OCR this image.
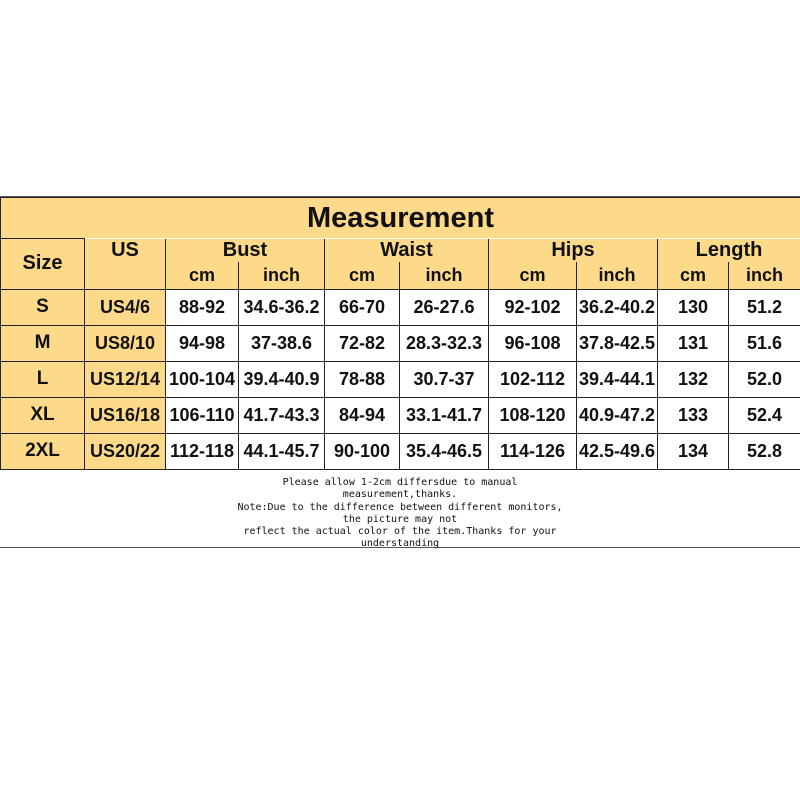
Measurement									
Size	US	Bust		Waist		Hips		Length	
		cm	inch	cm	inch	cm	inch	cm	inch
S	US4/6	88-92	34.6-36.2	66-70	26-27.6	92-102	36.2-40.2	130	51.2
M	US8/10	94-98	37-38.6	72-82	28.3-32.3	96-108	37.8-42.5	131	51.6
L	US12/14	100-104	39.4-40.9	78-88	30.7-37	102-112	39.4-44.1	132	52.0
XL	US16/18	106-110	41.7-43.3	84-94	33.1-41.7	108-120	40.9-47.2	133	52.4
2XL	US20/22	112-118	44.1-45.7	90-100	35.4-46.5	114-126	42.5-49.6	134	52.8
Please allow 1-2cm differsdue to manual
measurement,thanks.
Note:Due to the difference between different monitors,
the picture may not
reflect the actual color of the item.Thanks for your
understanding
